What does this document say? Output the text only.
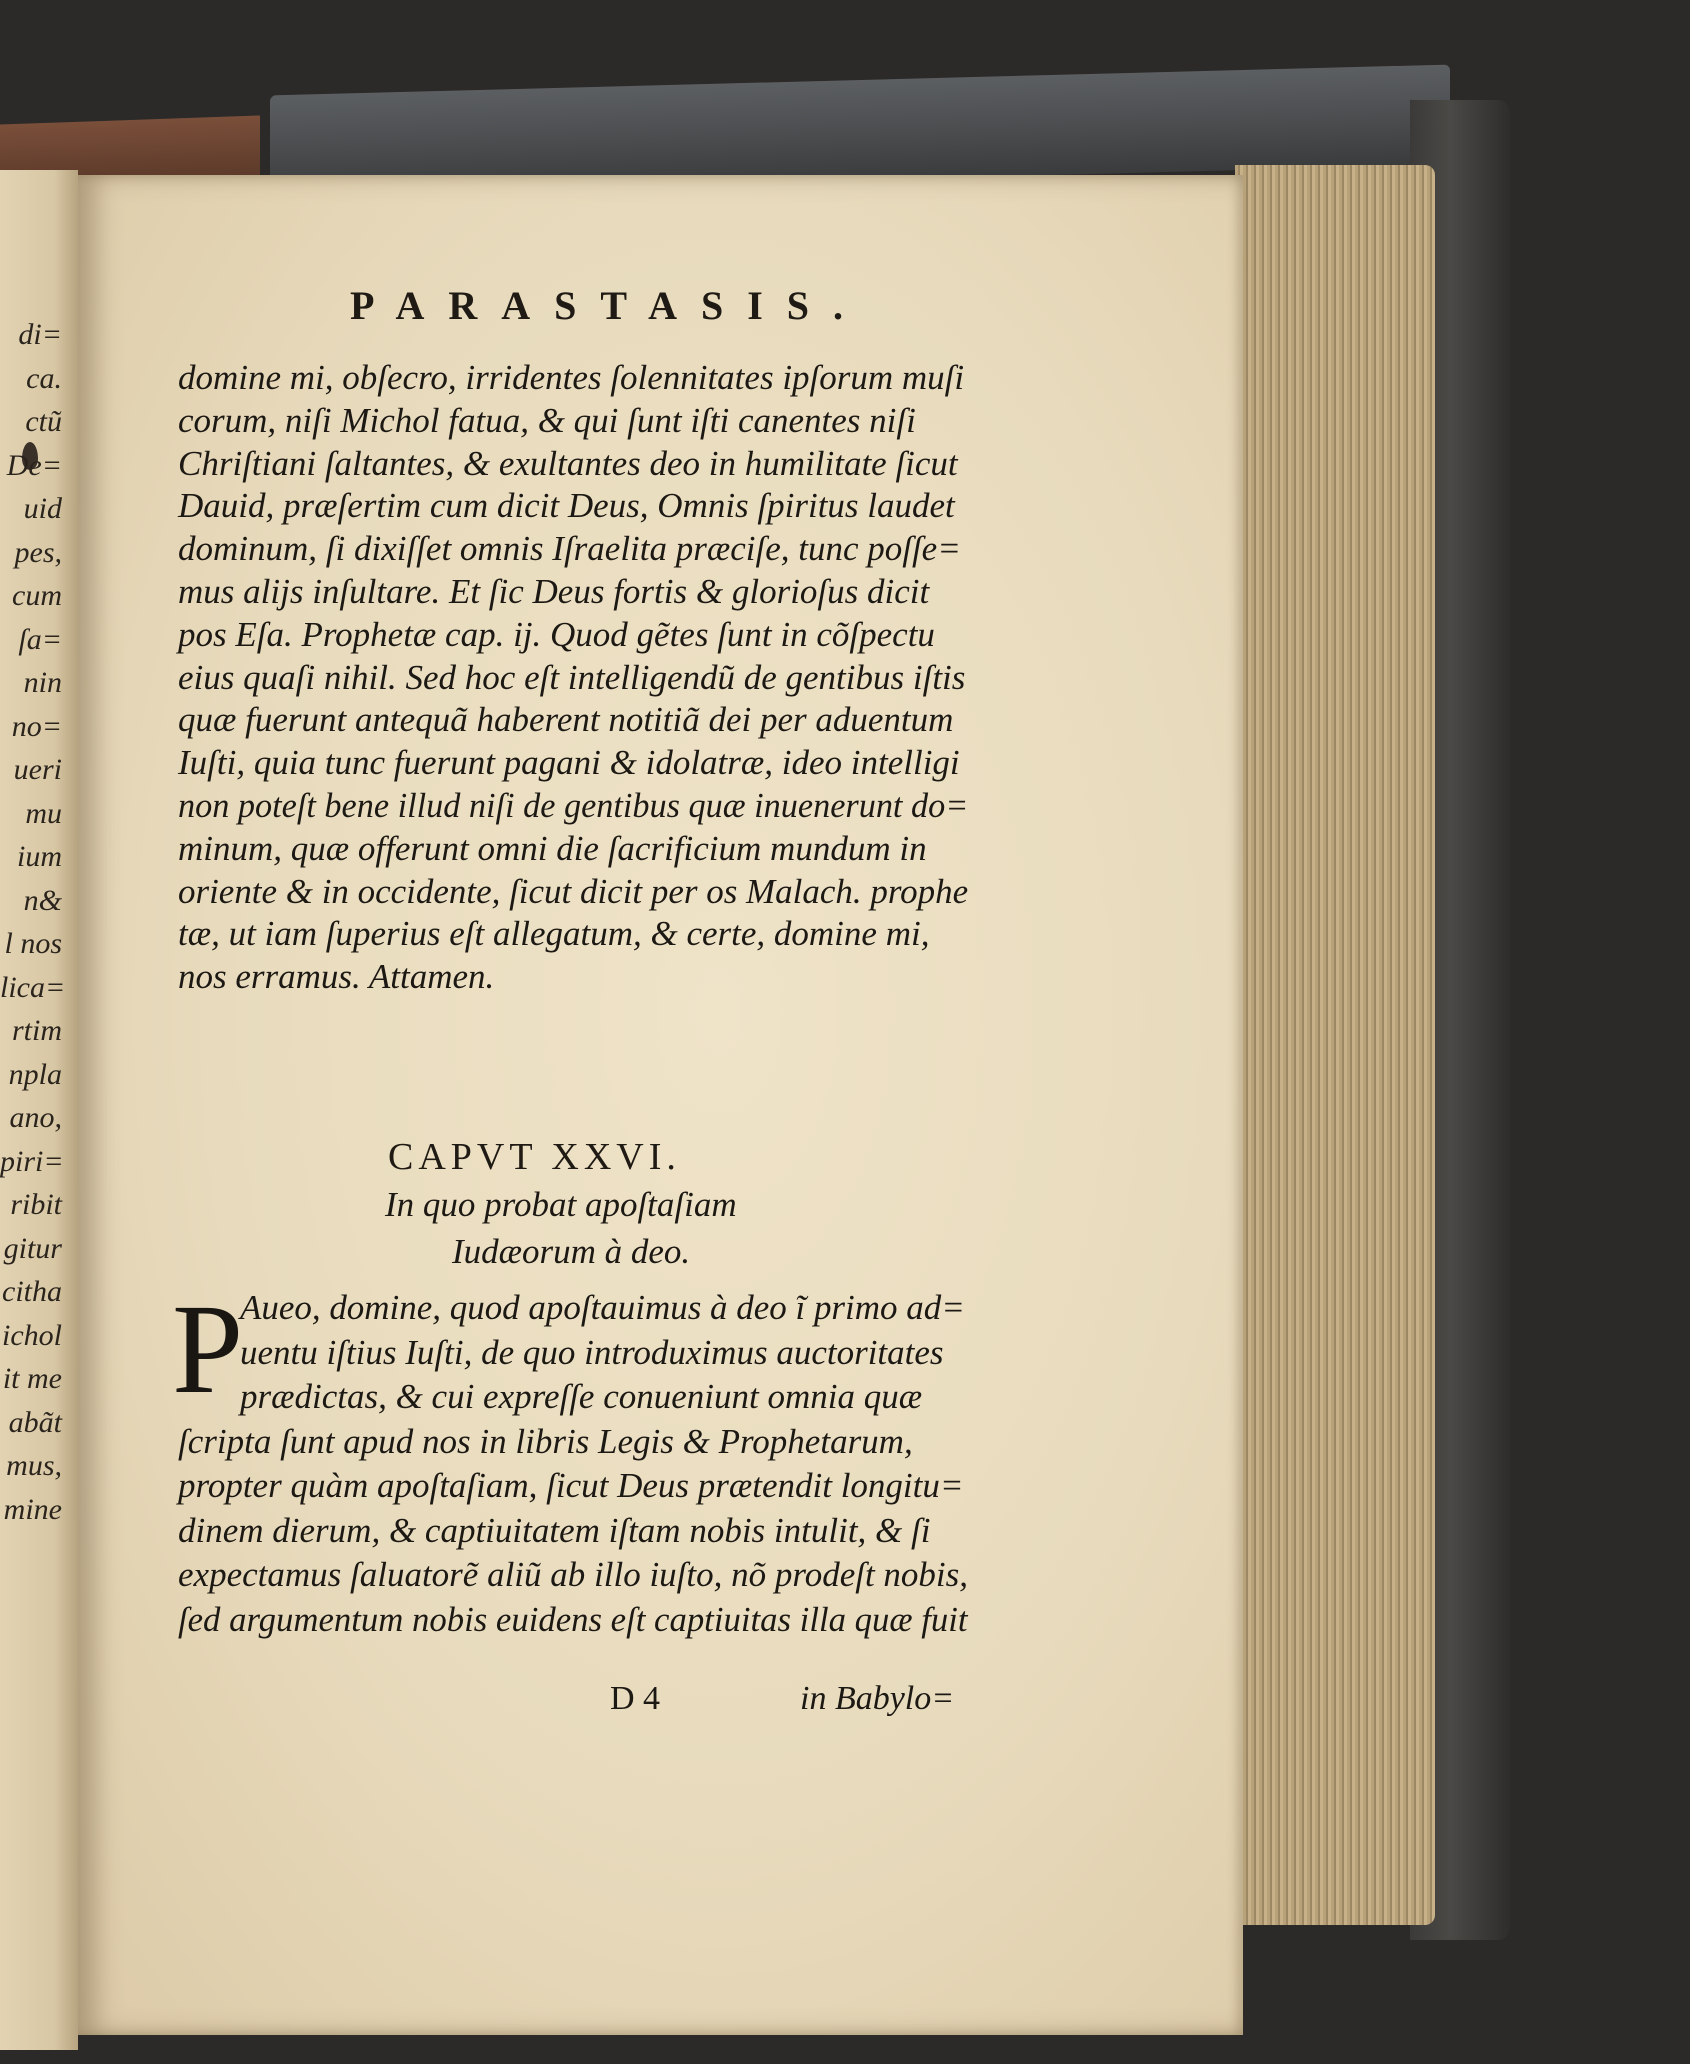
di=
ca.
ctũ
De=
uid
pes,
cum
ſa=
nin
no=
ueri
mu
ium
n&
l nos
lica=
rtim
npla
ano,
piri=
ribit
gitur
citha
ichol
it me
abãt
mus,
mine
PARASTASIS.
domine mi, obſecro, irridentes ſolennitates ipſorum muſi
corum, niſi Michol fatua, & qui ſunt iſti canentes niſi
Chriſtiani ſaltantes, & exultantes deo in humilitate ſicut
Dauid, præſertim cum dicit Deus, Omnis ſpiritus laudet
dominum, ſi dixiſſet omnis Iſraelita præciſe, tunc poſſe=
mus alijs inſultare. Et ſic Deus fortis & glorioſus dicit
pos Eſa. Prophetæ cap. ij. Quod gẽtes ſunt in cõſpectu
eius quaſi nihil. Sed hoc eſt intelligendũ de gentibus iſtis
quæ fuerunt antequã haberent notitiã dei per aduentum
Iuſti, quia tunc fuerunt pagani & idolatræ, ideo intelligi
non poteſt bene illud niſi de gentibus quæ inuenerunt do=
minum, quæ offerunt omni die ſacrificium mundum in
oriente & in occidente, ſicut dicit per os Malach. prophe
tæ, ut iam ſuperius eſt allegatum, & certe, domine mi,
nos erramus. Attamen.
CAPVT XXVI.
In quo probat apoſtaſiam
Iudæorum à deo.
P
Aueo, domine, quod apoſtauimus à deo ĩ primo ad=
uentu iſtius Iuſti, de quo introduximus auctoritates
prædictas, & cui expreſſe conueniunt omnia quæ
ſcripta ſunt apud nos in libris Legis & Prophetarum,
propter quàm apoſtaſiam, ſicut Deus prætendit longitu=
dinem dierum, & captiuitatem iſtam nobis intulit, & ſi
expectamus ſaluatorẽ aliũ ab illo iuſto, nõ prodeſt nobis,
ſed argumentum nobis euidens eſt captiuitas illa quæ fuit
D 4	in Babylo=
